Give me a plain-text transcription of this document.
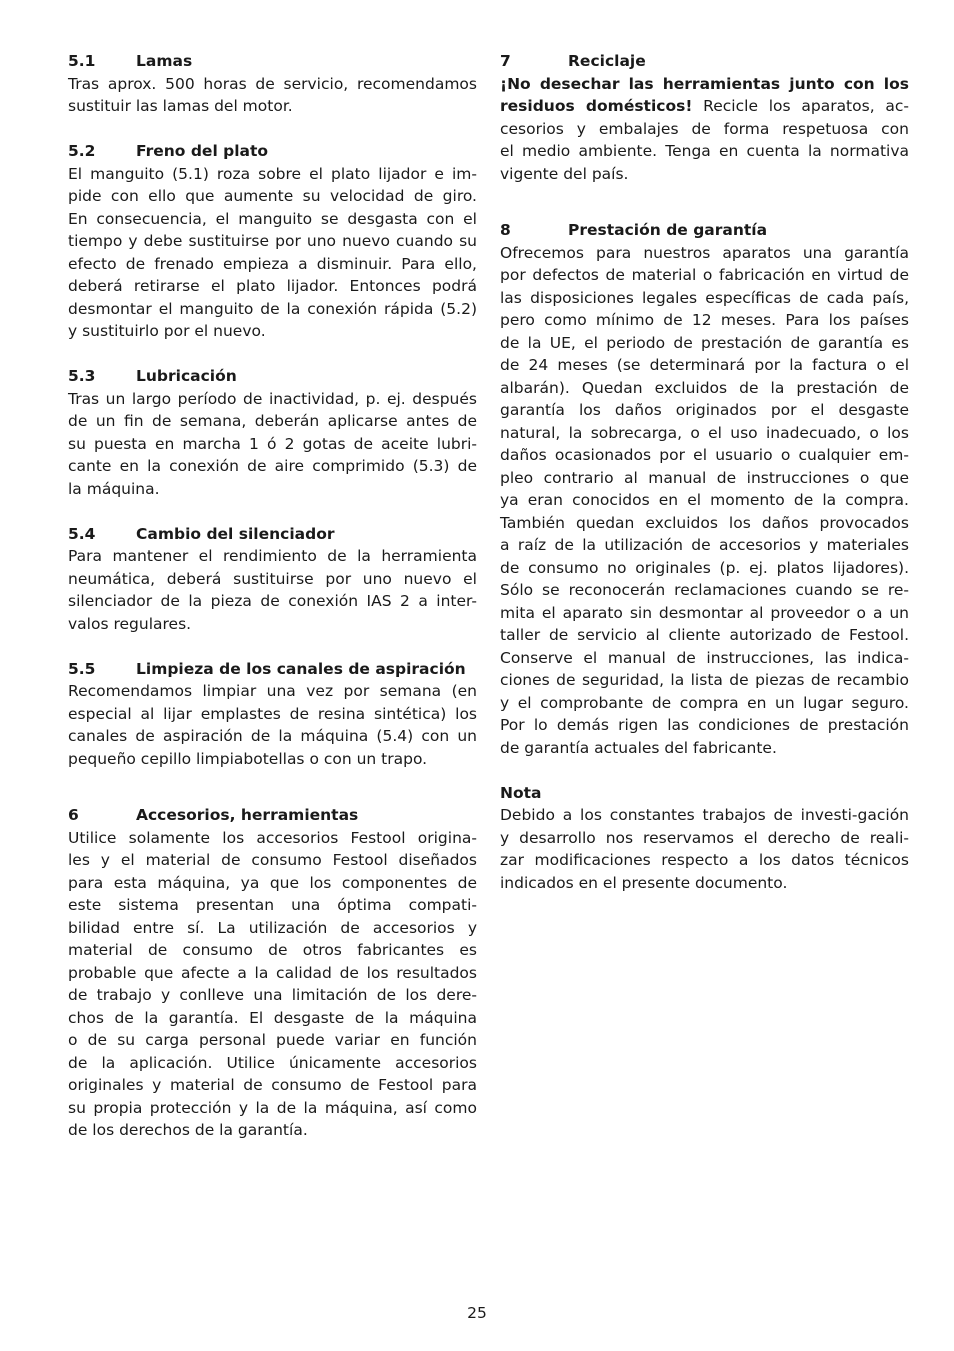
5.1	Lamas
Tras aprox. 500 horas de servicio, recomendamos
sustituir las lamas del motor.
5.2	Freno del plato
El manguito (5.1) roza sobre el plato lijador e im-
pide con ello que aumente su velocidad de giro.
En consecuencia, el manguito se desgasta con el
tiempo y debe sustituirse por uno nuevo cuando su
efecto de frenado empieza a disminuir. Para ello,
deberá retirarse el plato lijador. Entonces podrá
desmontar el manguito de la conexión rápida (5.2)
y sustituirlo por el nuevo.
5.3	Lubricación
Tras un largo período de inactividad, p. ej. después
de un fin de semana, deberán aplicarse antes de
su puesta en marcha 1 ó 2 gotas de aceite lubri-
cante en la conexión de aire comprimido (5.3) de
la máquina.
5.4	Cambio del silenciador
Para mantener el rendimiento de la herramienta
neumática, deberá sustituirse por uno nuevo el
silenciador de la pieza de conexión IAS 2 a inter-
valos regulares.
5.5	Limpieza de los canales de aspiración
Recomendamos limpiar una vez por semana (en
especial al lijar emplastes de resina sintética) los
canales de aspiración de la máquina (5.4) con un
pequeño cepillo limpiabotellas o con un trapo.
6	Accesorios, herramientas
Utilice solamente los accesorios Festool origina-
les y el material de consumo Festool diseñados
para esta máquina, ya que los componentes de
este sistema presentan una óptima compati-
bilidad entre sí. La utilización de accesorios y
material de consumo de otros fabricantes es
probable que afecte a la calidad de los resultados
de trabajo y conlleve una limitación de los dere-
chos de la garantía. El desgaste de la máquina
o de su carga personal puede variar en función
de la aplicación. Utilice únicamente accesorios
originales y material de consumo de Festool para
su propia protección y la de la máquina, así como
de los derechos de la garantía.
7	Reciclaje
¡No desechar las herramientas junto con los
residuos domésticos! Recicle los aparatos, ac-
cesorios y embalajes de forma respetuosa con
el medio ambiente. Tenga en cuenta la normativa
vigente del país.
8	Prestación de garantía
Ofrecemos para nuestros aparatos una garantía
por defectos de material o fabricación en virtud de
las disposiciones legales específicas de cada país,
pero como mínimo de 12 meses. Para los países
de la UE, el periodo de prestación de garantía es
de 24 meses (se determinará por la factura o el
albarán). Quedan excluidos de la prestación de
garantía los daños originados por el desgaste
natural, la sobrecarga, o el uso inadecuado, o los
daños ocasionados por el usuario o cualquier em-
pleo contrario al manual de instrucciones o que
ya eran conocidos en el momento de la compra.
También quedan excluidos los daños provocados
a raíz de la utilización de accesorios y materiales
de consumo no originales (p. ej. platos lijadores).
Sólo se reconocerán reclamaciones cuando se re-
mita el aparato sin desmontar al proveedor o a un
taller de servicio al cliente autorizado de Festool.
Conserve el manual de instrucciones, las indica-
ciones de seguridad, la lista de piezas de recambio
y el comprobante de compra en un lugar seguro.
Por lo demás rigen las condiciones de prestación
de garantía actuales del fabricante.
Nota
Debido a los constantes trabajos de investi-gación
y desarrollo nos reservamos el derecho de reali-
zar modificaciones respecto a los datos técnicos
indicados en el presente documento.
25
